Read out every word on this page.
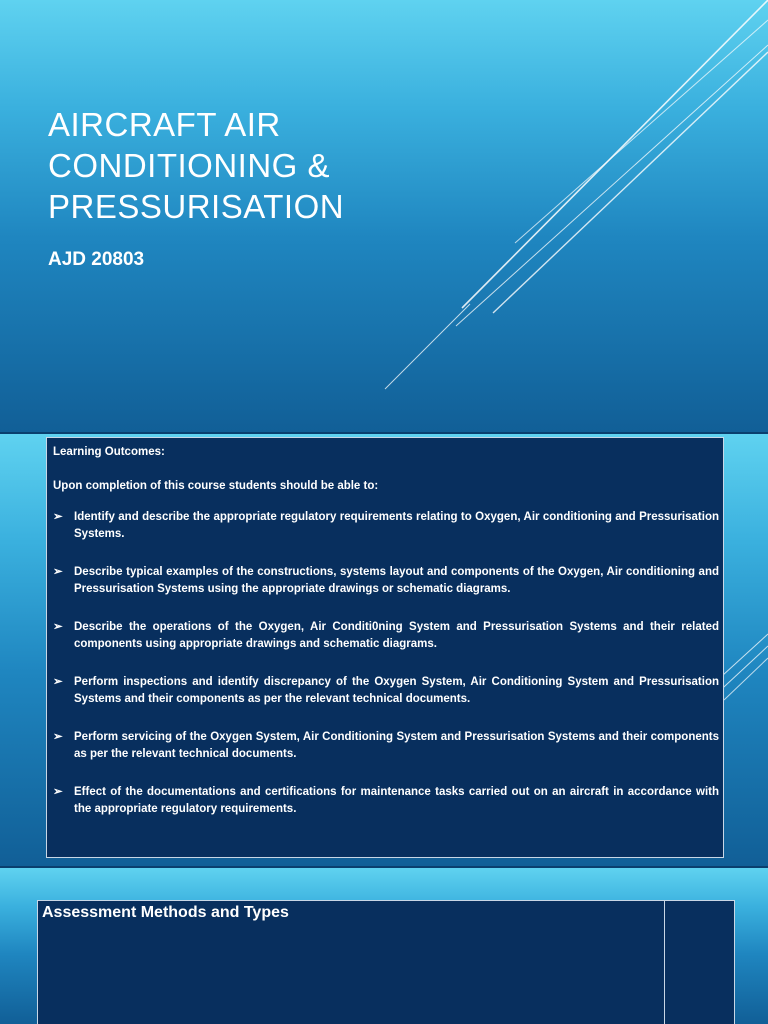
AIRCRAFT AIR
CONDITIONING &
PRESSURISATION

AJD 20803

Learning Outcomes:

Upon completion of this course students should be able to:

➢ Identify and describe the appropriate regulatory requirements relating to Oxygen, Air conditioning and Pressurisation Systems.
➢ Describe typical examples of the constructions, systems layout and components of the Oxygen, Air conditioning and Pressurisation Systems using the appropriate drawings or schematic diagrams.
➢ Describe the operations of the Oxygen, Air Conditi0ning System and Pressurisation Systems and their related components using appropriate drawings and schematic diagrams.
➢ Perform inspections and identify discrepancy of the Oxygen System, Air Conditioning System and Pressurisation Systems and their components as per the relevant technical documents.
➢ Perform servicing of the Oxygen System, Air Conditioning System and Pressurisation Systems and their components as per the relevant technical documents.
➢ Effect of the documentations and certifications for maintenance tasks carried out on an aircraft in accordance with the appropriate regulatory requirements.

Assessment Methods and Types
